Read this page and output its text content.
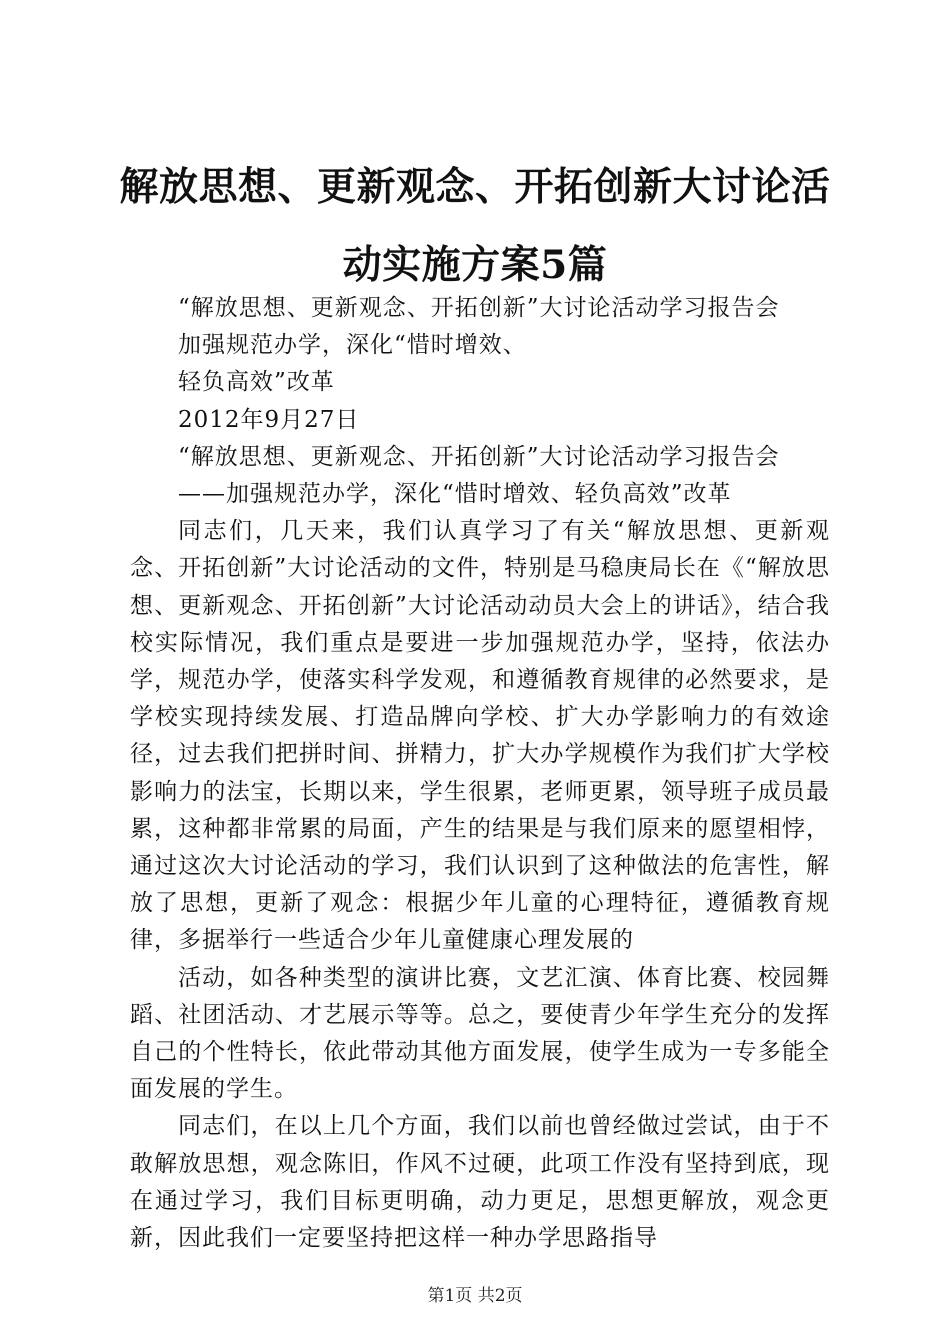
解放思想、更新观念、开拓创新大讨论活动实施方案5篇

“解放思想、更新观念、开拓创新”大讨论活动学习报告会

加强规范办学，深化“惜时增效、

轻负高效”改革

2012年9月27日

“解放思想、更新观念、开拓创新”大讨论活动学习报告会

——加强规范办学，深化“惜时增效、轻负高效”改革

同志们，几天来，我们认真学习了有关“解放思想、更新观念、开拓创新”大讨论活动的文件，特别是马稳庚局长在《“解放思想、更新观念、开拓创新”大讨论活动动员大会上的讲话》，结合我校实际情况，我们重点是要进一步加强规范办学，坚持，依法办学，规范办学，使落实科学发观，和遵循教育规律的必然要求，是学校实现持续发展、打造品牌向学校、扩大办学影响力的有效途径，过去我们把拼时间、拼精力，扩大办学规模作为我们扩大学校影响力的法宝，长期以来，学生很累，老师更累，领导班子成员最累，这种都非常累的局面，产生的结果是与我们原来的愿望相悖，通过这次大讨论活动的学习，我们认识到了这种做法的危害性，解放了思想，更新了观念：根据少年儿童的心理特征，遵循教育规律，多据举行一些适合少年儿童健康心理发展的

活动，如各种类型的演讲比赛，文艺汇演、体育比赛、校园舞蹈、社团活动、才艺展示等等。总之，要使青少年学生充分的发挥自己的个性特长，依此带动其他方面发展，使学生成为一专多能全面发展的学生。

同志们，在以上几个方面，我们以前也曾经做过尝试，由于不敢解放思想，观念陈旧，作风不过硬，此项工作没有坚持到底，现在通过学习，我们目标更明确，动力更足，思想更解放，观念更新，因此我们一定要坚持把这样一种办学思路指导

第1页 共2页
